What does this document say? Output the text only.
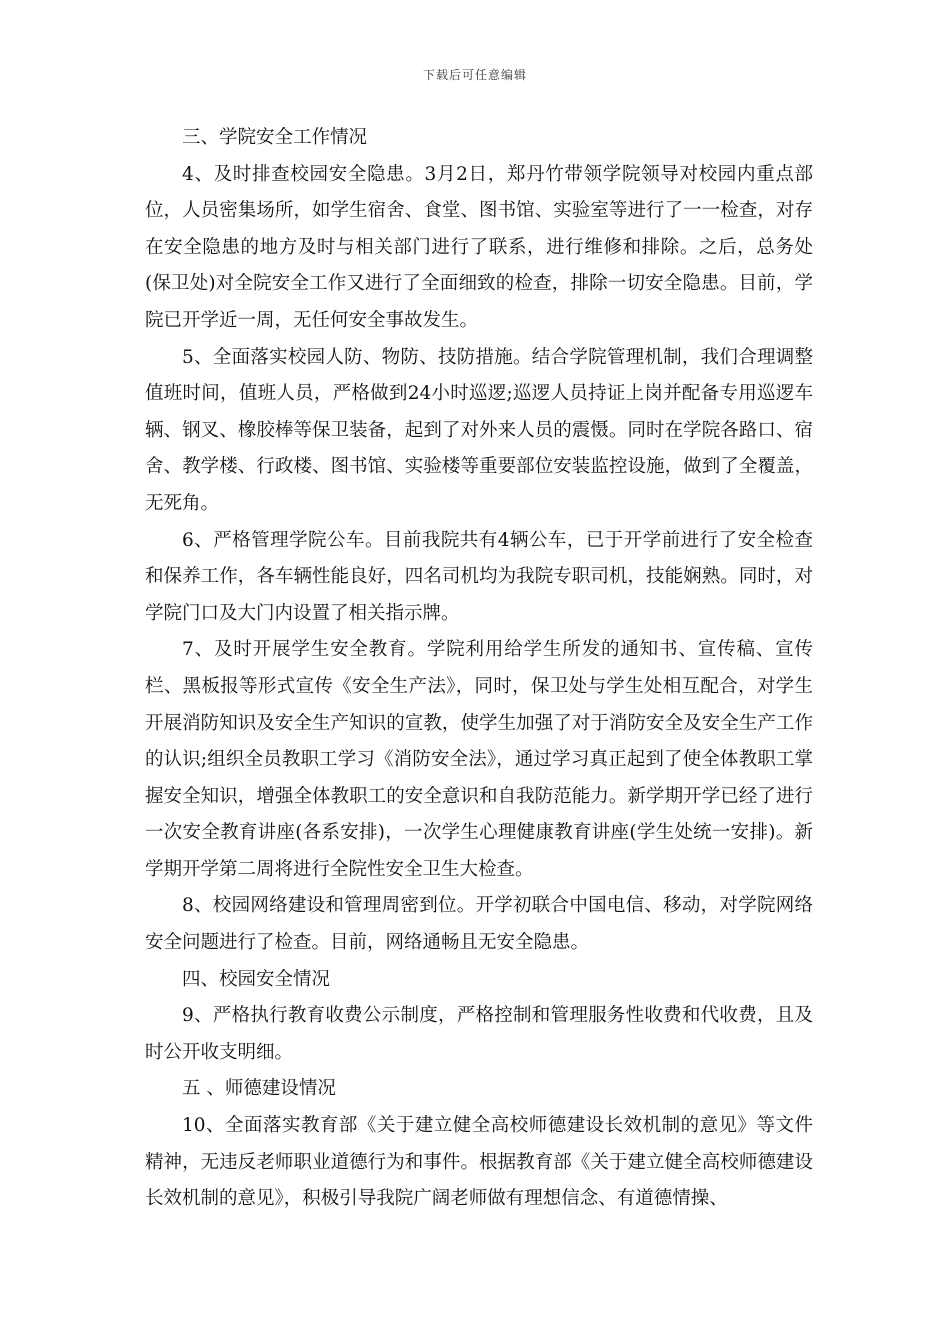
下载后可任意编辑

三、学院安全工作情况

4、及时排查校园安全隐患。3月2日，郑丹竹带领学院领导对校园内重点部位，人员密集场所，如学生宿舍、食堂、图书馆、实验室等进行了一一检查，对存在安全隐患的地方及时与相关部门进行了联系，进行维修和排除。之后，总务处(保卫处)对全院安全工作又进行了全面细致的检查，排除一切安全隐患。目前，学院已开学近一周，无任何安全事故发生。

5、全面落实校园人防、物防、技防措施。结合学院管理机制，我们合理调整值班时间，值班人员，严格做到24小时巡逻;巡逻人员持证上岗并配备专用巡逻车辆、钢叉、橡胶棒等保卫装备，起到了对外来人员的震慑。同时在学院各路口、宿舍、教学楼、行政楼、图书馆、实验楼等重要部位安装监控设施，做到了全覆盖，无死角。

6、严格管理学院公车。目前我院共有4辆公车，已于开学前进行了安全检查和保养工作，各车辆性能良好，四名司机均为我院专职司机，技能娴熟。同时，对学院门口及大门内设置了相关指示牌。

7、及时开展学生安全教育。学院利用给学生所发的通知书、宣传稿、宣传栏、黑板报等形式宣传《安全生产法》，同时，保卫处与学生处相互配合，对学生开展消防知识及安全生产知识的宣教，使学生加强了对于消防安全及安全生产工作的认识;组织全员教职工学习《消防安全法》，通过学习真正起到了使全体教职工掌握安全知识，增强全体教职工的安全意识和自我防范能力。新学期开学已经了进行一次安全教育讲座(各系安排)，一次学生心理健康教育讲座(学生处统一安排)。新学期开学第二周将进行全院性安全卫生大检查。

8、校园网络建设和管理周密到位。开学初联合中国电信、移动，对学院网络安全问题进行了检查。目前，网络通畅且无安全隐患。

四、校园安全情况

9、严格执行教育收费公示制度，严格控制和管理服务性收费和代收费，且及时公开收支明细。

五 、师德建设情况

10、全面落实教育部《关于建立健全高校师德建设长效机制的意见》等文件精神，无违反老师职业道德行为和事件。根据教育部《关于建立健全高校师德建设长效机制的意见》，积极引导我院广阔老师做有理想信念、有道德情操、
